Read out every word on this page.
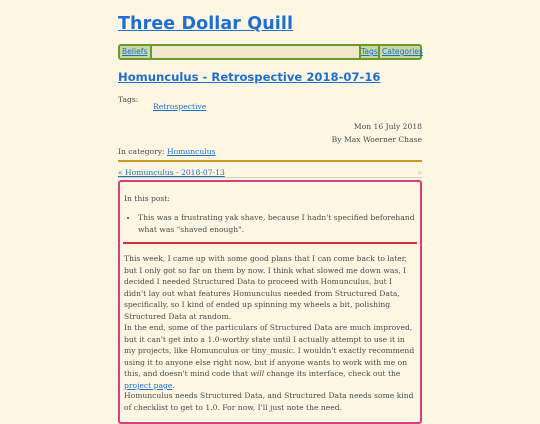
Three Dollar Quill
Beliefs	Tags Categories
Homunculus - Retrospective 2018-07-16
Tags:
Retrospective
Mon 16 July 2018
By Max Woerner Chase
In category: Homunculus
« Homunculus - 2018-07-13	»

In this post:

• This was a frustrating yak shave, because I hadn't specified beforehand what was "shaved enough".

This week, I came up with some good plans that I can come back to later, but I only got so far on them by now. I think what slowed me down was, I decided I needed Structured Data to proceed with Homunculus, but I didn't lay out what features Homunculus needed from Structured Data, specifically, so I kind of ended up spinning my wheels a bit, polishing Structured Data at random.

In the end, some of the particulars of Structured Data are much improved, but it can't get into a 1.0-worthy state until I actually attempt to use it in my projects, like Homunculus or tiny_music. I wouldn't exactly recommend using it to anyone else right now, but if anyone wants to work with me on this, and doesn't mind code that will change its interface, check out the project page.

Homunculus needs Structured Data, and Structured Data needs some kind of checklist to get to 1.0. For now, I'll just note the need.
